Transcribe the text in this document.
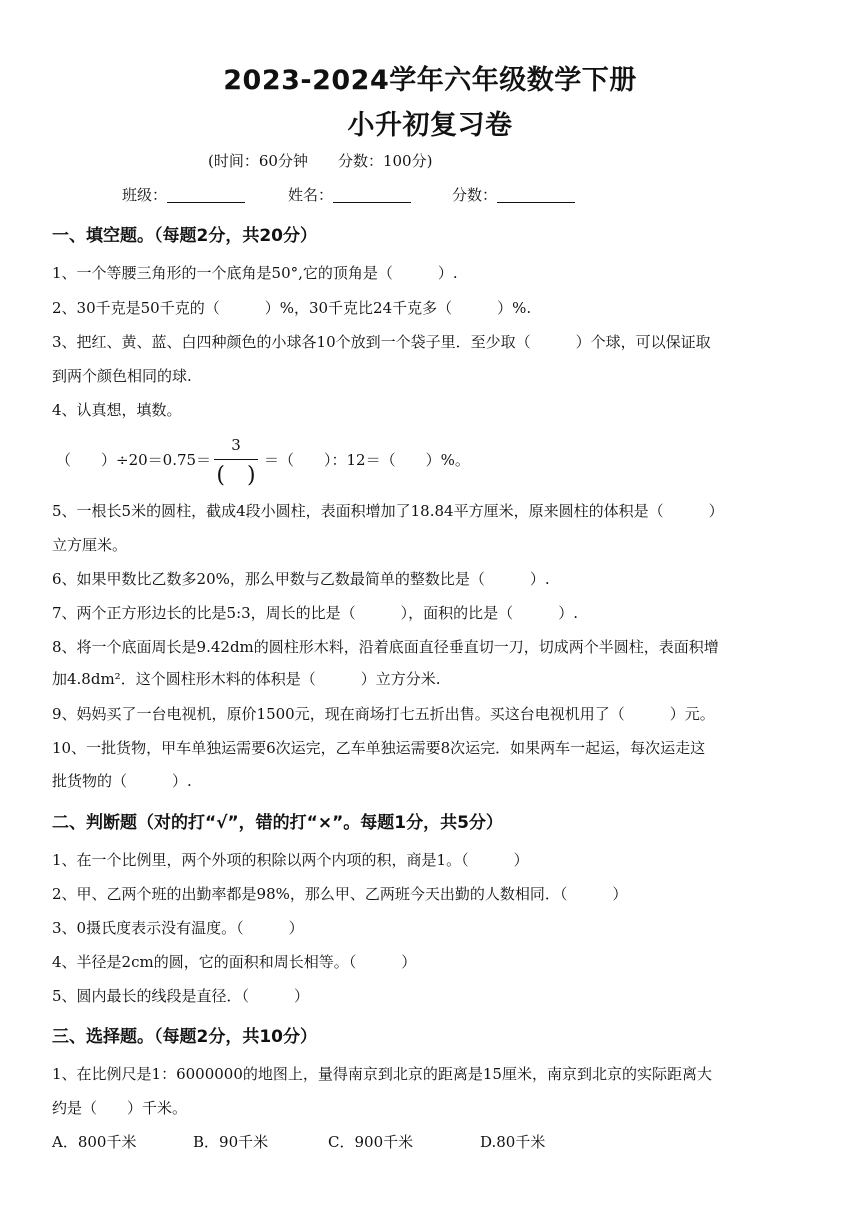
2023-2024学年六年级数学下册
小升初复习卷
(时间：60分钟　　分数：100分)
班级：	姓名：	分数：
一、填空题。（每题2分，共20分）
1、一个等腰三角形的一个底角是50°,它的顶角是（　　　）.
2、30千克是50千克的（　　　）%，30千克比24千克多（　　　）%.
3、把红、黄、蓝、白四种颜色的小球各10个放到一个袋子里．至少取（　　　）个球，可以保证取
到两个颜色相同的球.
4、认真想，填数。
（　　）÷20＝0.75＝
3
(　)
＝（　　）：12＝（　　）%。
5、一根长5米的圆柱，截成4段小圆柱，表面积增加了18.84平方厘米，原来圆柱的体积是（　　　）
立方厘米。
6、如果甲数比乙数多20%，那么甲数与乙数最简单的整数比是（　　　）.
7、两个正方形边长的比是5:3，周长的比是（　　　），面积的比是（　　　）.
8、将一个底面周长是9.42dm的圆柱形木料，沿着底面直径垂直切一刀，切成两个半圆柱，表面积增
加4.8dm²．这个圆柱形木料的体积是（　　　）立方分米.
9、妈妈买了一台电视机，原价1500元，现在商场打七五折出售。买这台电视机用了（　　　）元。
10、一批货物，甲车单独运需要6次运完，乙车单独运需要8次运完．如果两车一起运，每次运走这
批货物的（　　　）.
二、判断题（对的打“√”，错的打“×”。每题1分，共5分）
1、在一个比例里，两个外项的积除以两个内项的积，商是1。（　　　）
2、甲、乙两个班的出勤率都是98%，那么甲、乙两班今天出勤的人数相同．（　　　）
3、0摄氏度表示没有温度。（　　　）
4、半径是2cm的圆，它的面积和周长相等。（　　　）
5、圆内最长的线段是直径．（　　　）
三、选择题。（每题2分，共10分）
1、在比例尺是1：6000000的地图上，量得南京到北京的距离是15厘米，南京到北京的实际距离大
约是（　　）千米。
A．800千米	B．90千米	C．900千米	D.80千米
